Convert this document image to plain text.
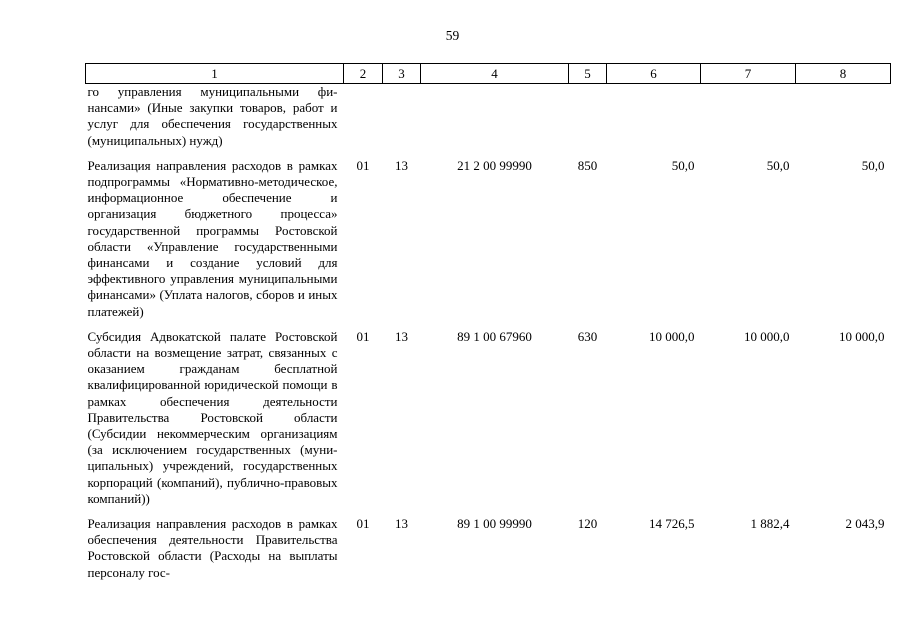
59
1	2	3	4	5	6	7	8
го управления муниципальными финансами» (Иные закупки товаров, работ и услуг для обеспечения государственных (муниципальных) нужд)							
Реализация направления расходов в рамках подпрограммы «Нормативно-методическое, информационное обеспечение и организация бюджетного процесса» государственной программы Ростовской области «Управление государственными финансами и создание условий для эффективного управления муниципальными финансами» (Уплата налогов, сборов и иных платежей)	01	13	21 2 00 99990	850	50,0	50,0	50,0
Субсидия Адвокатской палате Ростовской области на возмещение затрат, связанных с оказанием гражданам бесплатной квалифицированной юридической помощи в рамках обеспечения деятельности Правительства Ростовской области (Субсидии некоммерческим организациям (за исключением государственных (муниципальных) учреждений, государственных корпораций (компаний), публично-правовых компаний))	01	13	89 1 00 67960	630	10 000,0	10 000,0	10 000,0
Реализация направления расходов в рамках обеспечения деятельности Правительства Ростовской области (Расходы на выплаты персоналу гос-	01	13	89 1 00 99990	120	14 726,5	1 882,4	2 043,9
